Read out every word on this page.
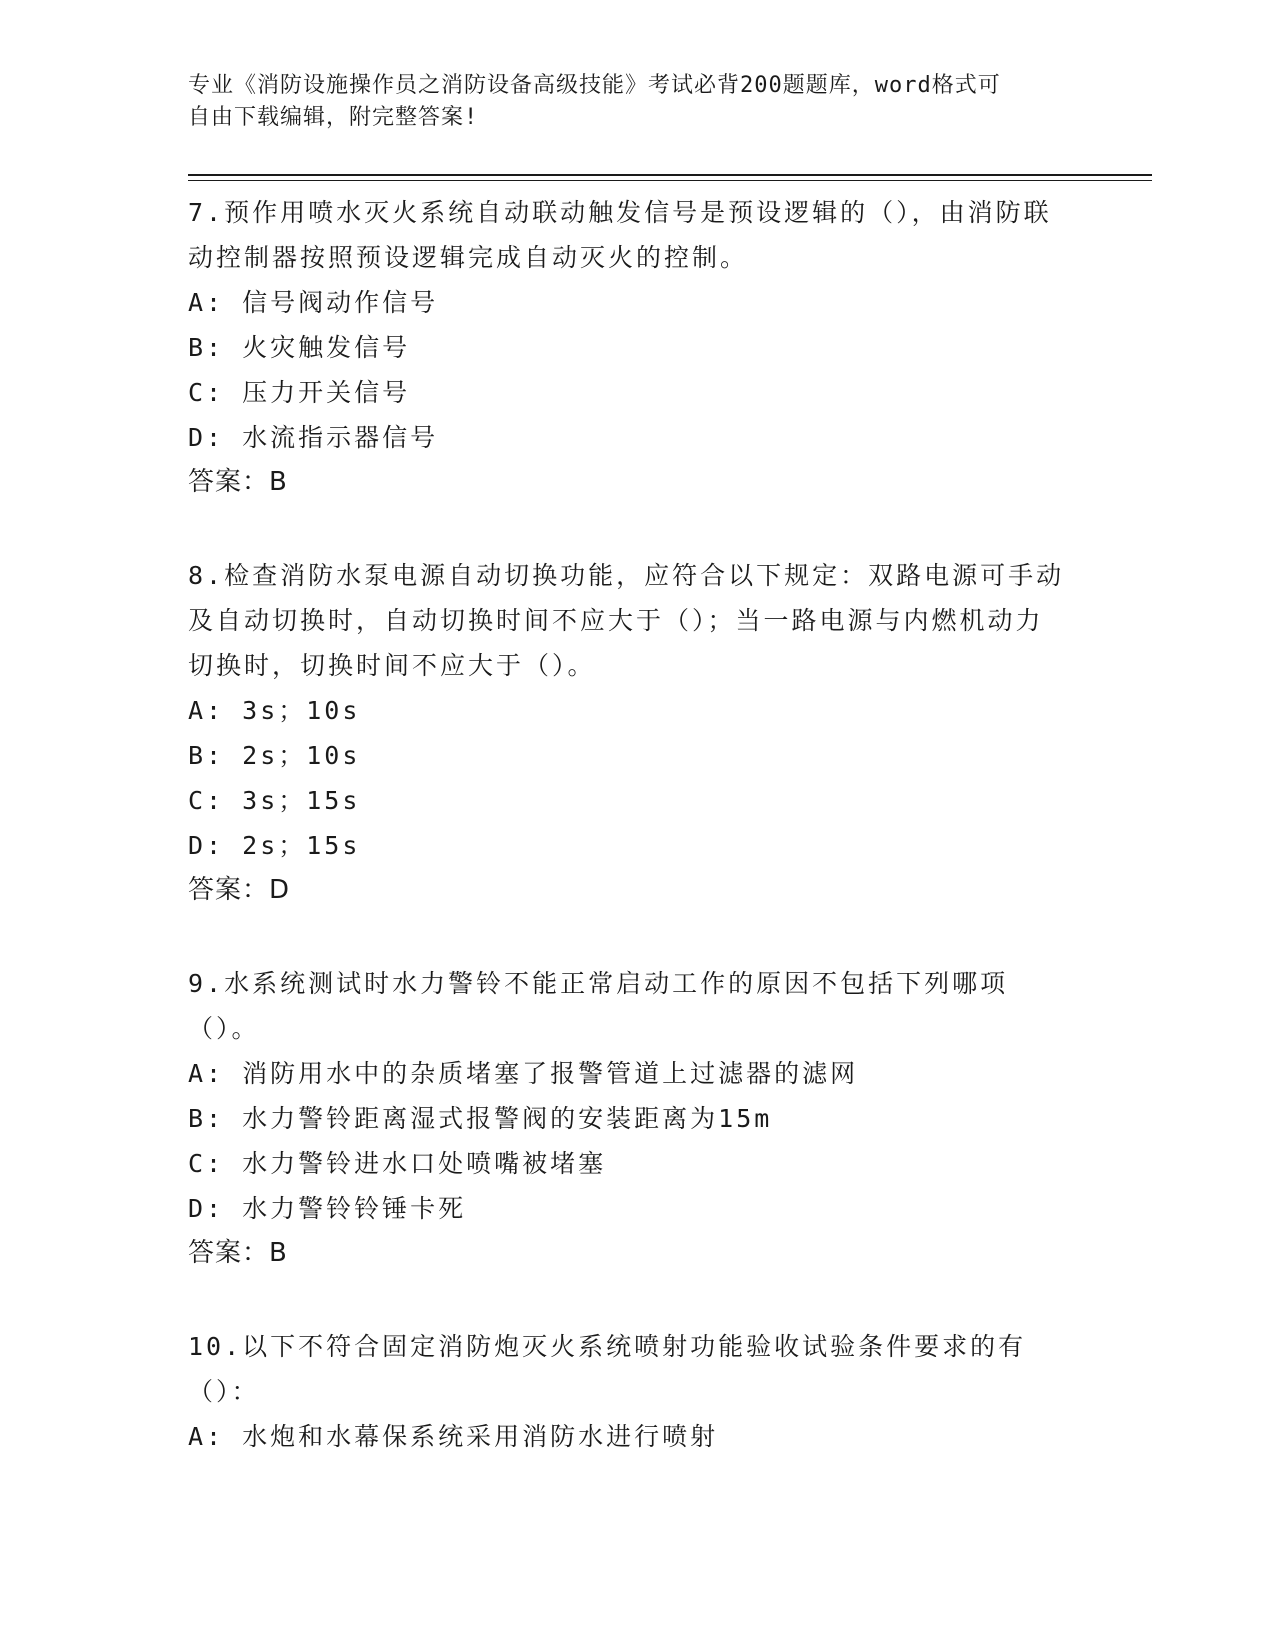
专业《消防设施操作员之消防设备高级技能》考试必背200题题库，word格式可
自由下载编辑，附完整答案!
7.预作用喷水灭火系统自动联动触发信号是预设逻辑的（），由消防联动控制器按照预设逻辑完成自动灭火的控制。
A: 信号阀动作信号
B: 火灾触发信号
C: 压力开关信号
D: 水流指示器信号
答案：B
8.检查消防水泵电源自动切换功能，应符合以下规定：双路电源可手动及自动切换时，自动切换时间不应大于（）；当一路电源与内燃机动力切换时，切换时间不应大于（）。
A: 3s；10s
B: 2s；10s
C: 3s；15s
D: 2s；15s
答案：D
9.水系统测试时水力警铃不能正常启动工作的原因不包括下列哪项（）。
A: 消防用水中的杂质堵塞了报警管道上过滤器的滤网
B: 水力警铃距离湿式报警阀的安装距离为15m
C: 水力警铃进水口处喷嘴被堵塞
D: 水力警铃铃锤卡死
答案：B
10.以下不符合固定消防炮灭火系统喷射功能验收试验条件要求的有（）：
A: 水炮和水幕保系统采用消防水进行喷射
